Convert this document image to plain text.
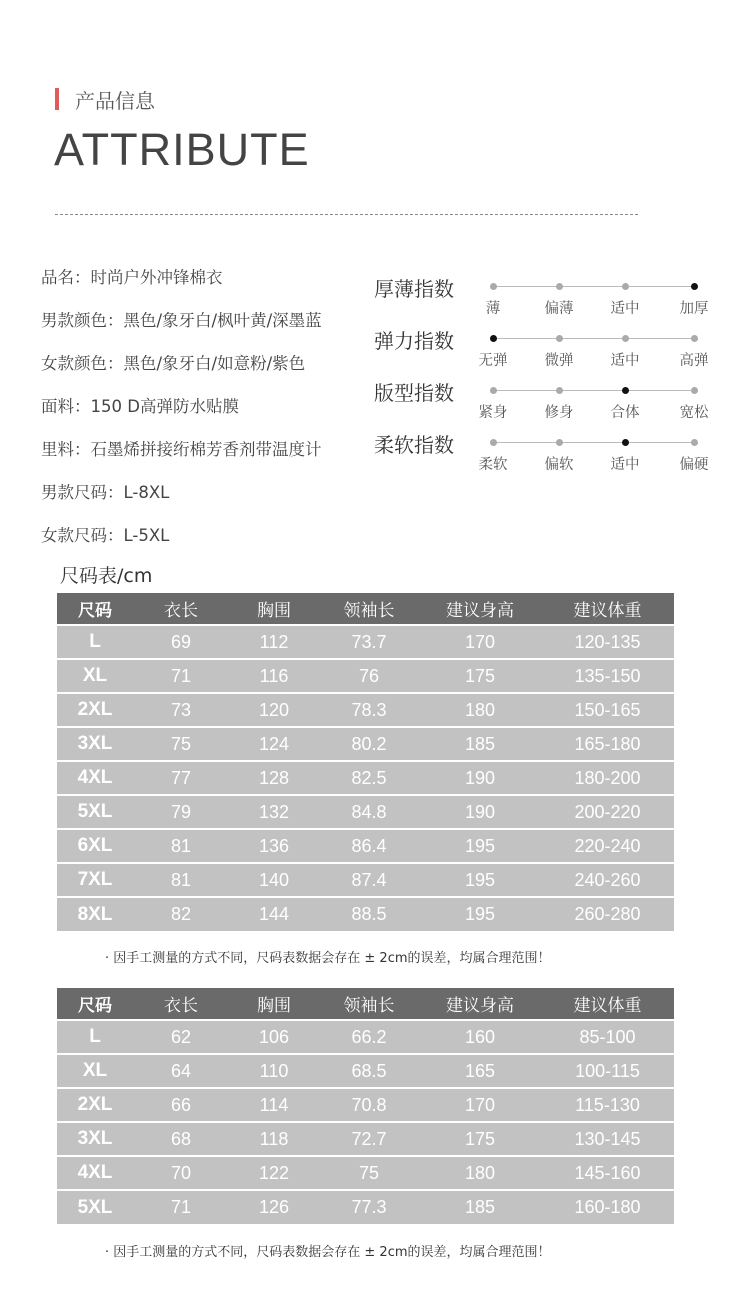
产品信息
ATTRIBUTE
品名：时尚户外冲锋棉衣
男款颜色：黑色/象牙白/枫叶黄/深墨蓝
女款颜色：黑色/象牙白/如意粉/紫色
面料：150 D高弹防水贴膜
里料：石墨烯拼接绗棉芳香剂带温度计
男款尺码：L-8XL
女款尺码：L-5XL
厚薄指数
薄	偏薄	适中	加厚
弹力指数
无弹	微弹	适中	高弹
版型指数
紧身	修身	合体	宽松
柔软指数
柔软	偏软	适中	偏硬
尺码表/cm
尺码	衣长	胸围	领袖长	建议身高	建议体重
L	69	112	73.7	170	120-135
XL	71	116	76	175	135-150
2XL	73	120	78.3	180	150-165
3XL	75	124	80.2	185	165-180
4XL	77	128	82.5	190	180-200
5XL	79	132	84.8	190	200-220
6XL	81	136	86.4	195	220-240
7XL	81	140	87.4	195	240-260
8XL	82	144	88.5	195	260-280
· 因手工测量的方式不同，尺码表数据会存在 ± 2cm的误差，均属合理范围！
尺码	衣长	胸围	领袖长	建议身高	建议体重
L	62	106	66.2	160	85-100
XL	64	110	68.5	165	100-115
2XL	66	114	70.8	170	115-130
3XL	68	118	72.7	175	130-145
4XL	70	122	75	180	145-160
5XL	71	126	77.3	185	160-180
· 因手工测量的方式不同，尺码表数据会存在 ± 2cm的误差，均属合理范围！
